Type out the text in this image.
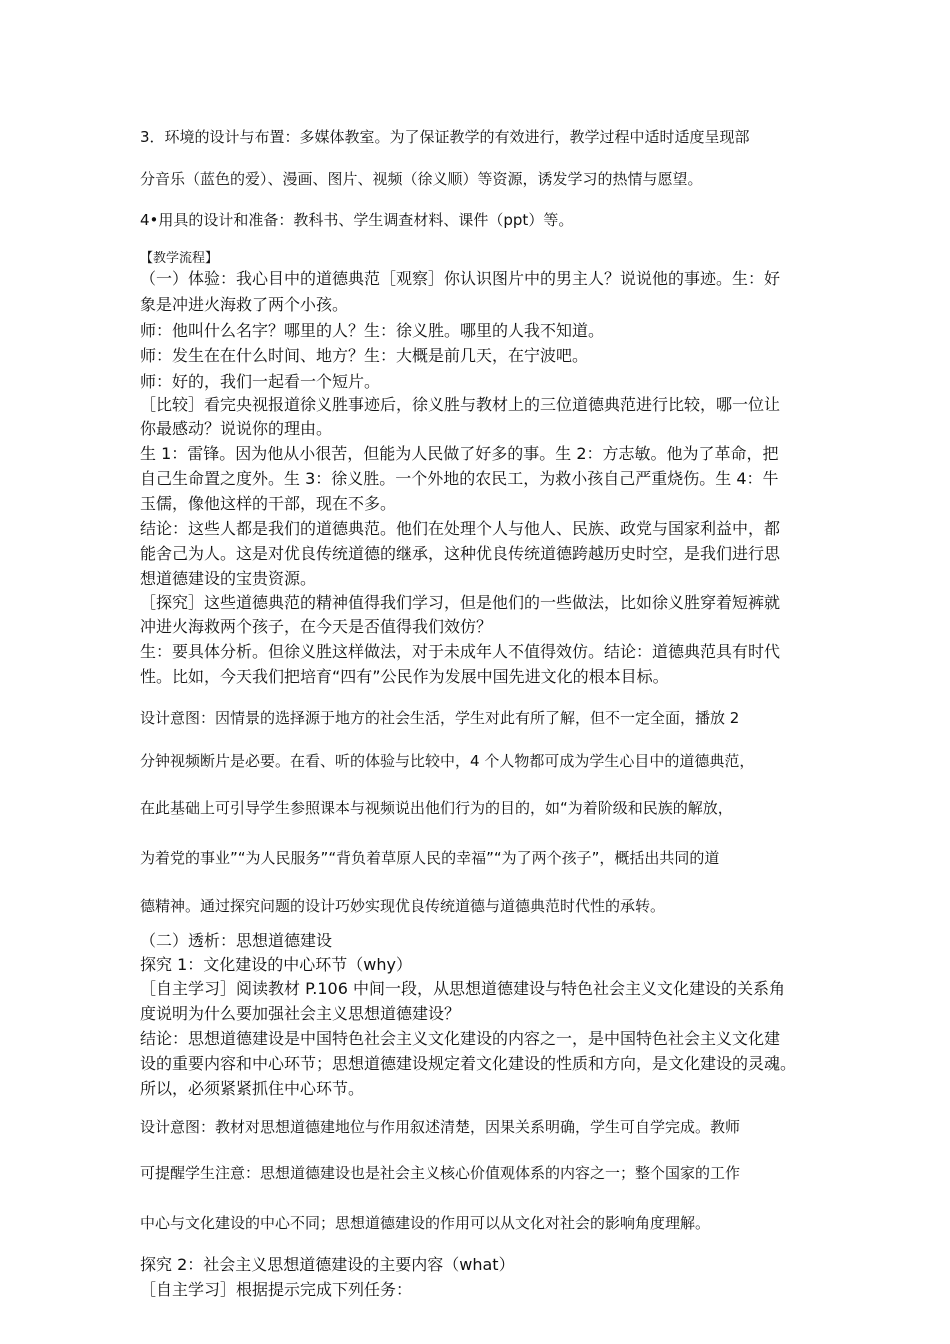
3．环境的设计与布置：多媒体教室。为了保证教学的有效进行，教学过程中适时适度呈现部
分音乐（蓝色的爱）、漫画、图片、视频（徐义顺）等资源，诱发学习的热情与愿望。
4•用具的设计和准备：教科书、学生调查材料、课件（ppt）等。
【教学流程】
（一）体验：我心目中的道德典范［观察］你认识图片中的男主人？说说他的事迹。生：好
象是冲进火海救了两个小孩。
师：他叫什么名字？哪里的人？生：徐义胜。哪里的人我不知道。
师：发生在在什么时间、地方？生：大概是前几天，在宁波吧。
师：好的，我们一起看一个短片。
［比较］看完央视报道徐义胜事迹后，徐义胜与教材上的三位道德典范进行比较，哪一位让
你最感动？说说你的理由。
生 1：雷锋。因为他从小很苦，但能为人民做了好多的事。生 2：方志敏。他为了革命，把
自己生命置之度外。生 3：徐义胜。一个外地的农民工，为救小孩自己严重烧伤。生 4：牛
玉儒，像他这样的干部，现在不多。
结论：这些人都是我们的道德典范。他们在处理个人与他人、民族、政党与国家利益中，都
能舍己为人。这是对优良传统道德的继承，这种优良传统道德跨越历史时空，是我们进行思
想道德建设的宝贵资源。
［探究］这些道德典范的精神值得我们学习，但是他们的一些做法，比如徐义胜穿着短裤就
冲进火海救两个孩子，在今天是否值得我们效仿？
生：要具体分析。但徐义胜这样做法，对于未成年人不值得效仿。结论：道德典范具有时代
性。比如，今天我们把培育“四有”公民作为发展中国先进文化的根本目标。
设计意图：因情景的选择源于地方的社会生活，学生对此有所了解，但不一定全面，播放 2
分钟视频断片是必要。在看、听的体验与比较中，4 个人物都可成为学生心目中的道德典范，
在此基础上可引导学生参照课本与视频说出他们行为的目的，如“为着阶级和民族的解放，
为着党的事业”“为人民服务”“背负着草原人民的幸福”“为了两个孩子”，概括出共同的道
德精神。通过探究问题的设计巧妙实现优良传统道德与道德典范时代性的承转。
（二）透析：思想道德建设
探究 1：文化建设的中心环节（why）
［自主学习］阅读教材 P.106 中间一段，从思想道德建设与特色社会主义文化建设的关系角
度说明为什么要加强社会主义思想道德建设？
结论：思想道德建设是中国特色社会主义文化建设的内容之一，是中国特色社会主义文化建
设的重要内容和中心环节；思想道德建设规定着文化建设的性质和方向，是文化建设的灵魂。
所以，必须紧紧抓住中心环节。
设计意图：教材对思想道德建地位与作用叙述清楚，因果关系明确，学生可自学完成。教师
可提醒学生注意：思想道德建设也是社会主义核心价值观体系的内容之一；整个国家的工作
中心与文化建设的中心不同；思想道德建设的作用可以从文化对社会的影响角度理解。
探究 2：社会主义思想道德建设的主要内容（what）
［自主学习］根据提示完成下列任务：
